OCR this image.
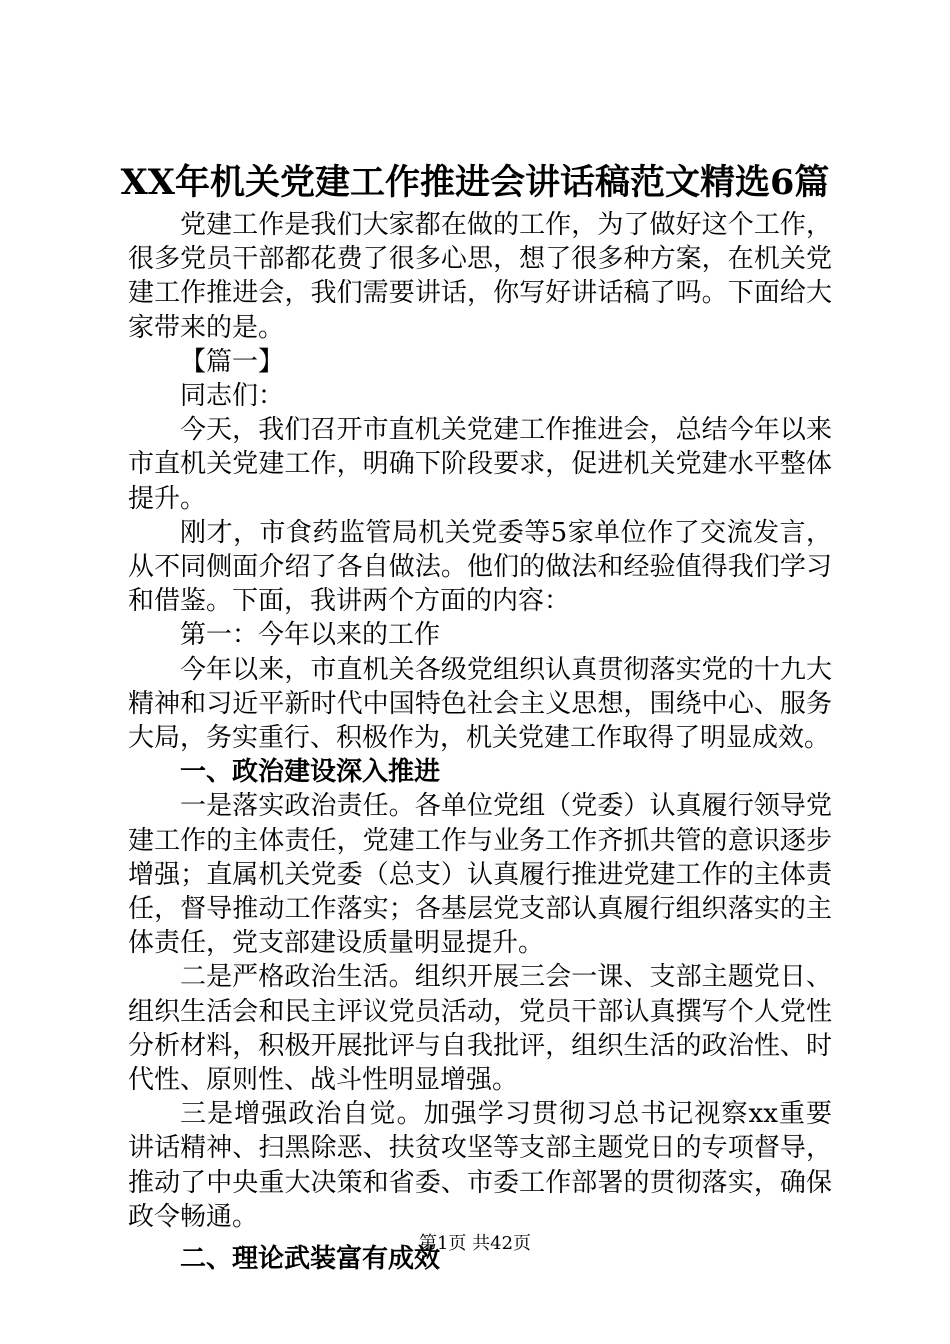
XX年机关党建工作推进会讲话稿范文精选6篇

党建工作是我们大家都在做的工作，为了做好这个工作，很多党员干部都花费了很多心思，想了很多种方案，在机关党建工作推进会，我们需要讲话，你写好讲话稿了吗。下面给大家带来的是。

【篇一】

同志们：

今天，我们召开市直机关党建工作推进会，总结今年以来市直机关党建工作，明确下阶段要求，促进机关党建水平整体提升。

刚才，市食药监管局机关党委等5家单位作了交流发言，从不同侧面介绍了各自做法。他们的做法和经验值得我们学习和借鉴。下面，我讲两个方面的内容：

第一：今年以来的工作

今年以来，市直机关各级党组织认真贯彻落实党的十九大精神和习近平新时代中国特色社会主义思想，围绕中心、服务大局，务实重行、积极作为，机关党建工作取得了明显成效。

一、政治建设深入推进

一是落实政治责任。各单位党组（党委）认真履行领导党建工作的主体责任，党建工作与业务工作齐抓共管的意识逐步增强；直属机关党委（总支）认真履行推进党建工作的主体责任，督导推动工作落实；各基层党支部认真履行组织落实的主体责任，党支部建设质量明显提升。

二是严格政治生活。组织开展三会一课、支部主题党日、组织生活会和民主评议党员活动，党员干部认真撰写个人党性分析材料，积极开展批评与自我批评，组织生活的政治性、时代性、原则性、战斗性明显增强。

三是增强政治自觉。加强学习贯彻习总书记视察xx重要讲话精神、扫黑除恶、扶贫攻坚等支部主题党日的专项督导，推动了中央重大决策和省委、市委工作部署的贯彻落实，确保政令畅通。

二、理论武装富有成效

第1页 共42页
